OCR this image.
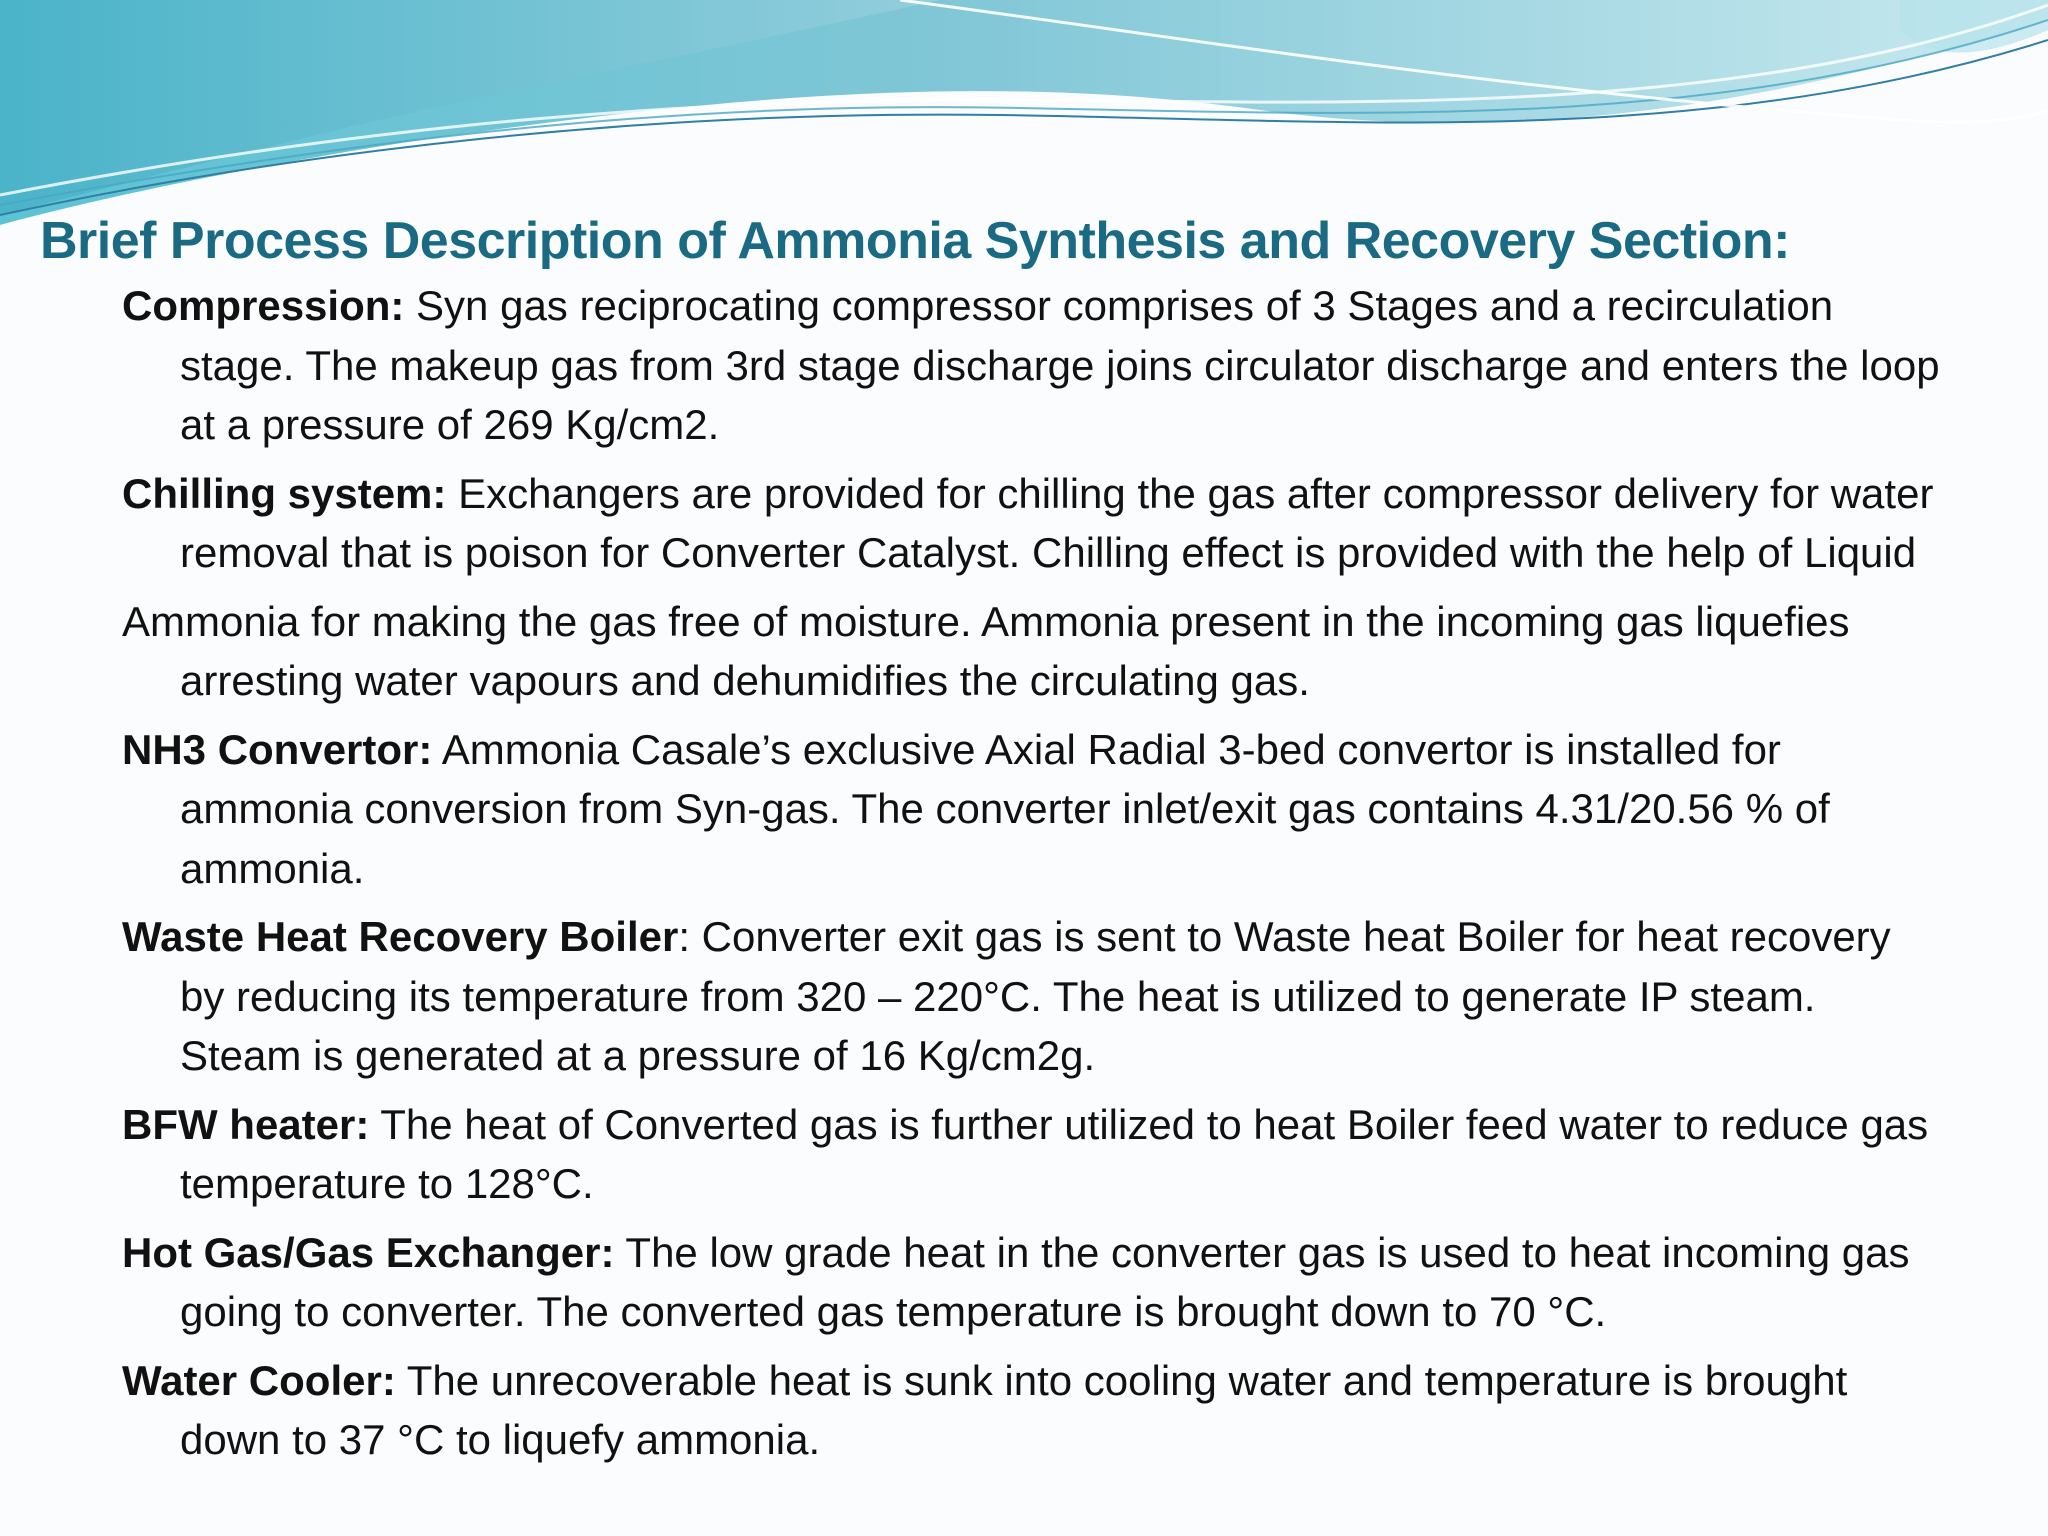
Brief Process Description of Ammonia Synthesis and Recovery Section:

Compression: Syn gas reciprocating compressor comprises of 3 Stages and a recirculation stage. The makeup gas from 3rd stage discharge joins circulator discharge and enters the loop at a pressure of 269 Kg/cm2.

Chilling system: Exchangers are provided for chilling the gas after compressor delivery for water removal that is poison for Converter Catalyst. Chilling effect is provided with the help of Liquid

Ammonia for making the gas free of moisture. Ammonia present in the incoming gas liquefies arresting water vapours and dehumidifies the circulating gas.

NH3 Convertor: Ammonia Casale’s exclusive Axial Radial 3-bed convertor is installed for ammonia conversion from Syn-gas. The converter inlet/exit gas contains 4.31/20.56 % of ammonia.

Waste Heat Recovery Boiler: Converter exit gas is sent to Waste heat Boiler for heat recovery by reducing its temperature from 320 – 220°C. The heat is utilized to generate IP steam. Steam is generated at a pressure of 16 Kg/cm2g.

BFW heater: The heat of Converted gas is further utilized to heat Boiler feed water to reduce gas temperature to 128°C.

Hot Gas/Gas Exchanger: The low grade heat in the converter gas is used to heat incoming gas going to converter. The converted gas temperature is brought down to 70 °C.

Water Cooler: The unrecoverable heat is sunk into cooling water and temperature is brought down to 37 °C to liquefy ammonia.
